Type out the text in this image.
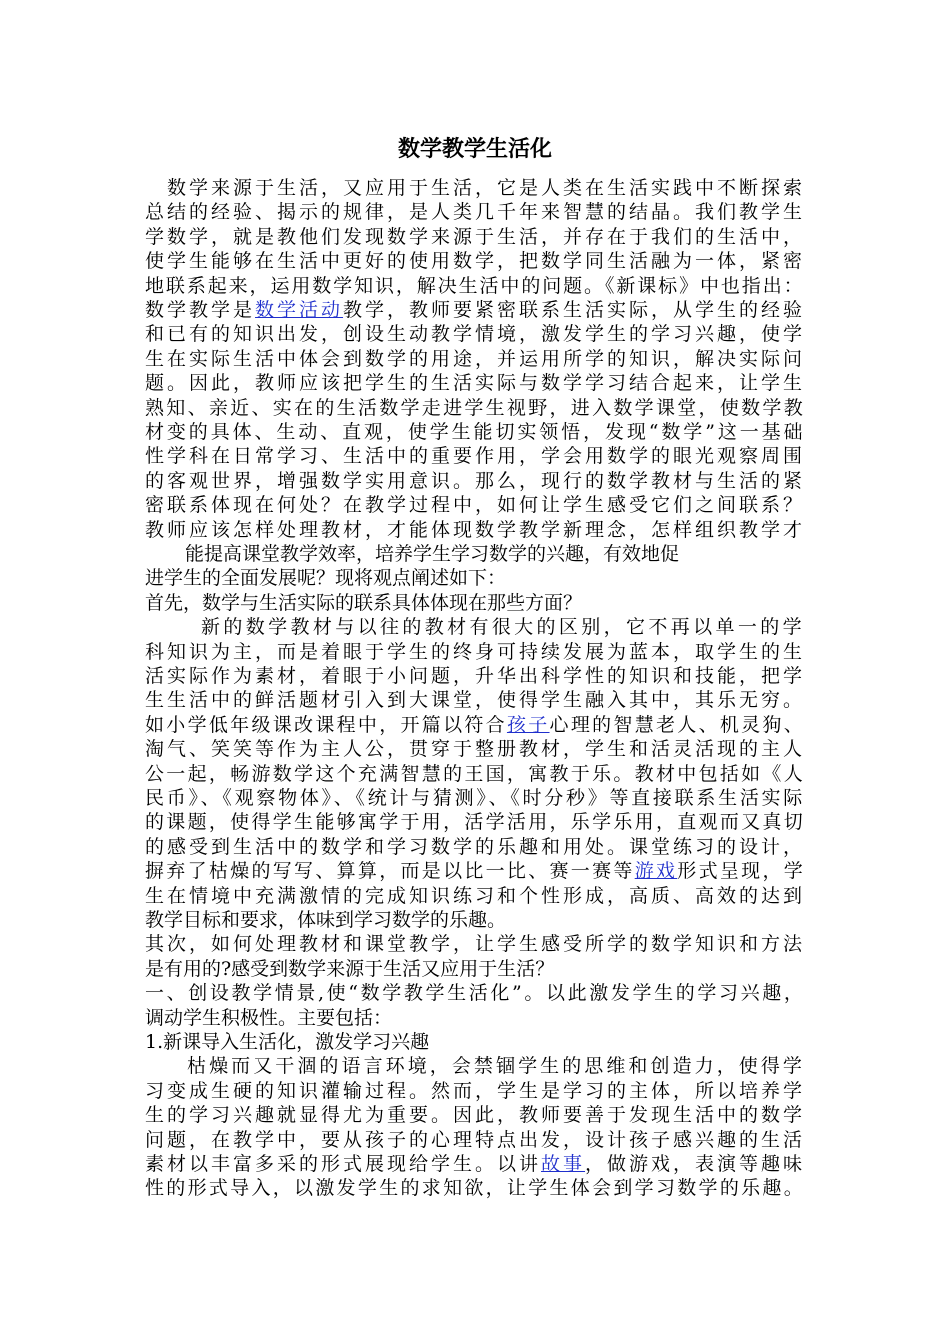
数学教学生活化
数学来源于生活，又应用于生活，它是人类在生活实践中不断探索
总结的经验、揭示的规律，是人类几千年来智慧的结晶。我们教学生
学数学，就是教他们发现数学来源于生活，并存在于我们的生活中，
使学生能够在生活中更好的使用数学，把数学同生活融为一体，紧密
地联系起来，运用数学知识，解决生活中的问题。《新课标》中也指出：
数学教学是数学活动教学，教师要紧密联系生活实际，从学生的经验
和已有的知识出发，创设生动教学情境，激发学生的学习兴趣，使学
生在实际生活中体会到数学的用途，并运用所学的知识，解决实际问
题。因此，教师应该把学生的生活实际与数学学习结合起来，让学生
熟知、亲近、实在的生活数学走进学生视野，进入数学课堂，使数学教
材变的具体、生动、直观，使学生能切实领悟，发现“数学”这一基础
性学科在日常学习、生活中的重要作用，学会用数学的眼光观察周围
的客观世界，增强数学实用意识。那么，现行的数学教材与生活的紧
密联系体现在何处？在教学过程中，如何让学生感受它们之间联系？
教师应该怎样处理教材，才能体现数学教学新理念，怎样组织教学才
能提高课堂教学效率，培养学生学习数学的兴趣，有效地促
进学生的全面发展呢？现将观点阐述如下：
首先，数学与生活实际的联系具体体现在那些方面？
新的数学教材与以往的教材有很大的区别，它不再以单一的学
科知识为主，而是着眼于学生的终身可持续发展为蓝本，取学生的生
活实际作为素材，着眼于小问题，升华出科学性的知识和技能，把学
生生活中的鲜活题材引入到大课堂，使得学生融入其中，其乐无穷。
如小学低年级课改课程中，开篇以符合孩子心理的智慧老人、机灵狗、
淘气、笑笑等作为主人公，贯穿于整册教材，学生和活灵活现的主人
公一起，畅游数学这个充满智慧的王国，寓教于乐。教材中包括如《人
民币》、《观察物体》、《统计与猜测》、《时分秒》等直接联系生活实际
的课题，使得学生能够寓学于用，活学活用，乐学乐用，直观而又真切
的感受到生活中的数学和学习数学的乐趣和用处。课堂练习的设计，
摒弃了枯燥的写写、算算，而是以比一比、赛一赛等游戏形式呈现，学
生在情境中充满激情的完成知识练习和个性形成，高质、高效的达到
教学目标和要求，体味到学习数学的乐趣。
其次，如何处理教材和课堂教学，让学生感受所学的数学知识和方法
是有用的?感受到数学来源于生活又应用于生活？
一、创设教学情景,使“数学教学生活化”。以此激发学生的学习兴趣，
调动学生积极性。主要包括：
1.新课导入生活化，激发学习兴趣
枯燥而又干涸的语言环境，会禁锢学生的思维和创造力，使得学
习变成生硬的知识灌输过程。然而，学生是学习的主体，所以培养学
生的学习兴趣就显得尤为重要。因此，教师要善于发现生活中的数学
问题，在教学中，要从孩子的心理特点出发，设计孩子感兴趣的生活
素材以丰富多采的形式展现给学生。以讲故事，做游戏，表演等趣味
性的形式导入，以激发学生的求知欲，让学生体会到学习数学的乐趣。
